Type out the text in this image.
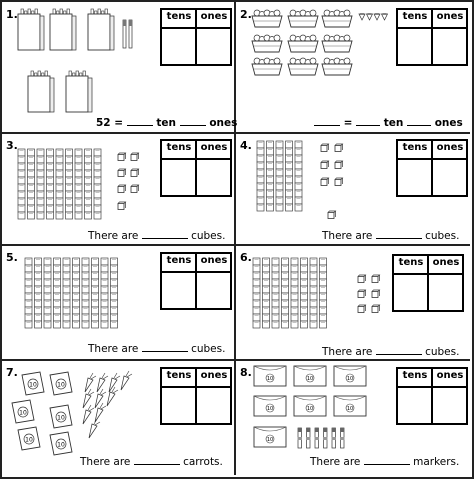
1.	2.
3.	4.
5.	6.
7.	8.
tens ones	tens ones
tens ones	tens ones
tens ones	tens ones
tens ones	tens ones
52 =	ten	ones	=	ten	ones
There are	cubes.	There are	cubes.
There are	cubes.	There are	cubes.
There are	carrots.	There are	markers.
10	10
10
10
10
10
10	10	10
10	10	10
10
